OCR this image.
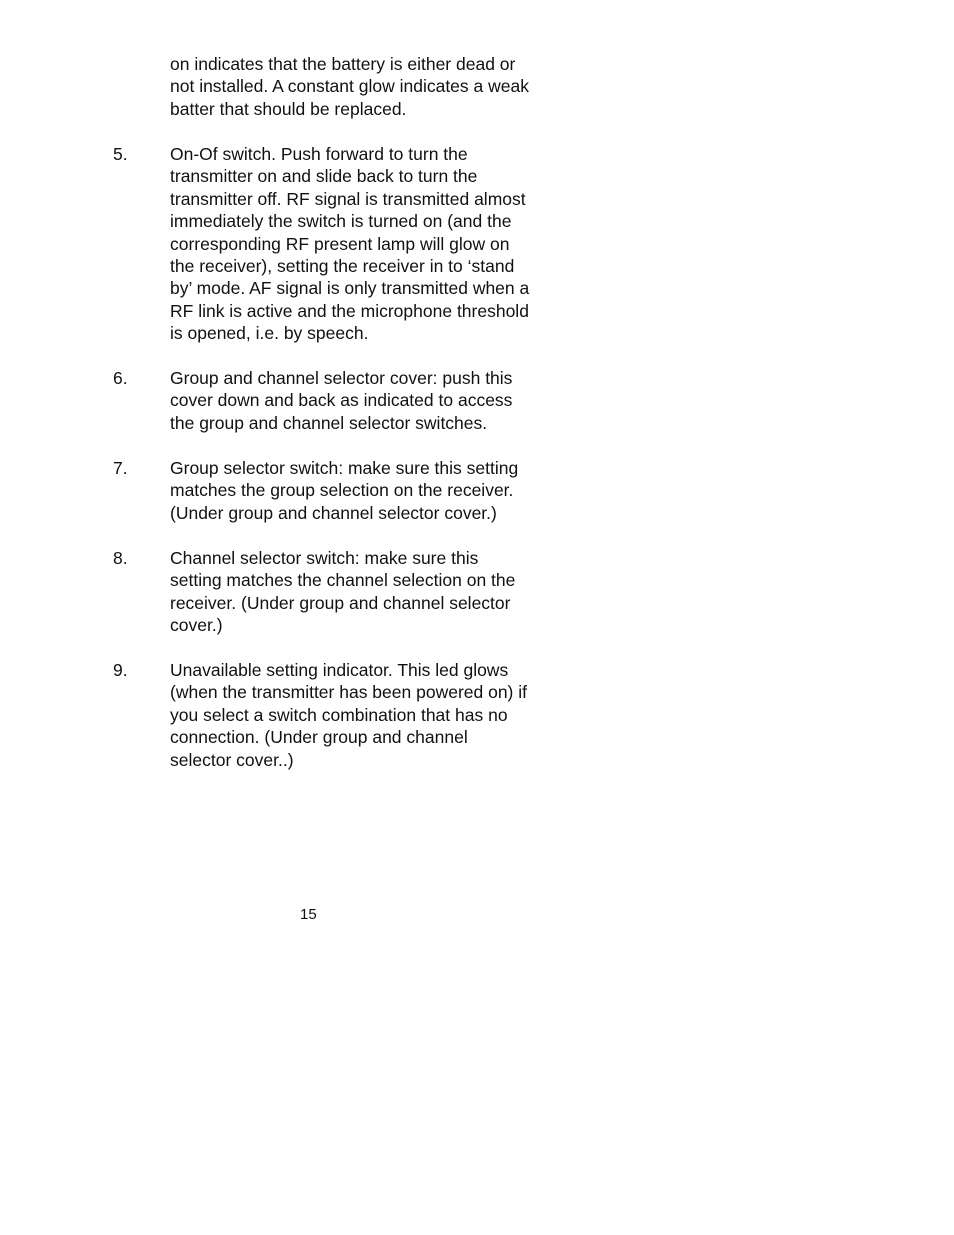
on indicates that the battery is either dead or
not installed. A constant glow indicates a weak
batter that should be replaced.
5. On-Of switch. Push forward to turn the
transmitter on and slide back to turn the
transmitter off. RF signal is transmitted almost
immediately the switch is turned on (and the
corresponding RF present lamp will glow on
the receiver), setting the receiver in to ‘stand
by’ mode. AF signal is only transmitted when a
RF link is active and the microphone threshold
is opened, i.e. by speech.
6. Group and channel selector cover: push this
cover down and back as indicated to access
the group and channel selector switches.
7. Group selector switch: make sure this setting
matches the group selection on the receiver.
(Under group and channel selector cover.)
8. Channel selector switch: make sure this
setting matches the channel selection on the
receiver. (Under group and channel selector
cover.)
9. Unavailable setting indicator. This led glows
(when the transmitter has been powered on) if
you select a switch combination that has no
connection. (Under group and channel
selector cover..)
15
